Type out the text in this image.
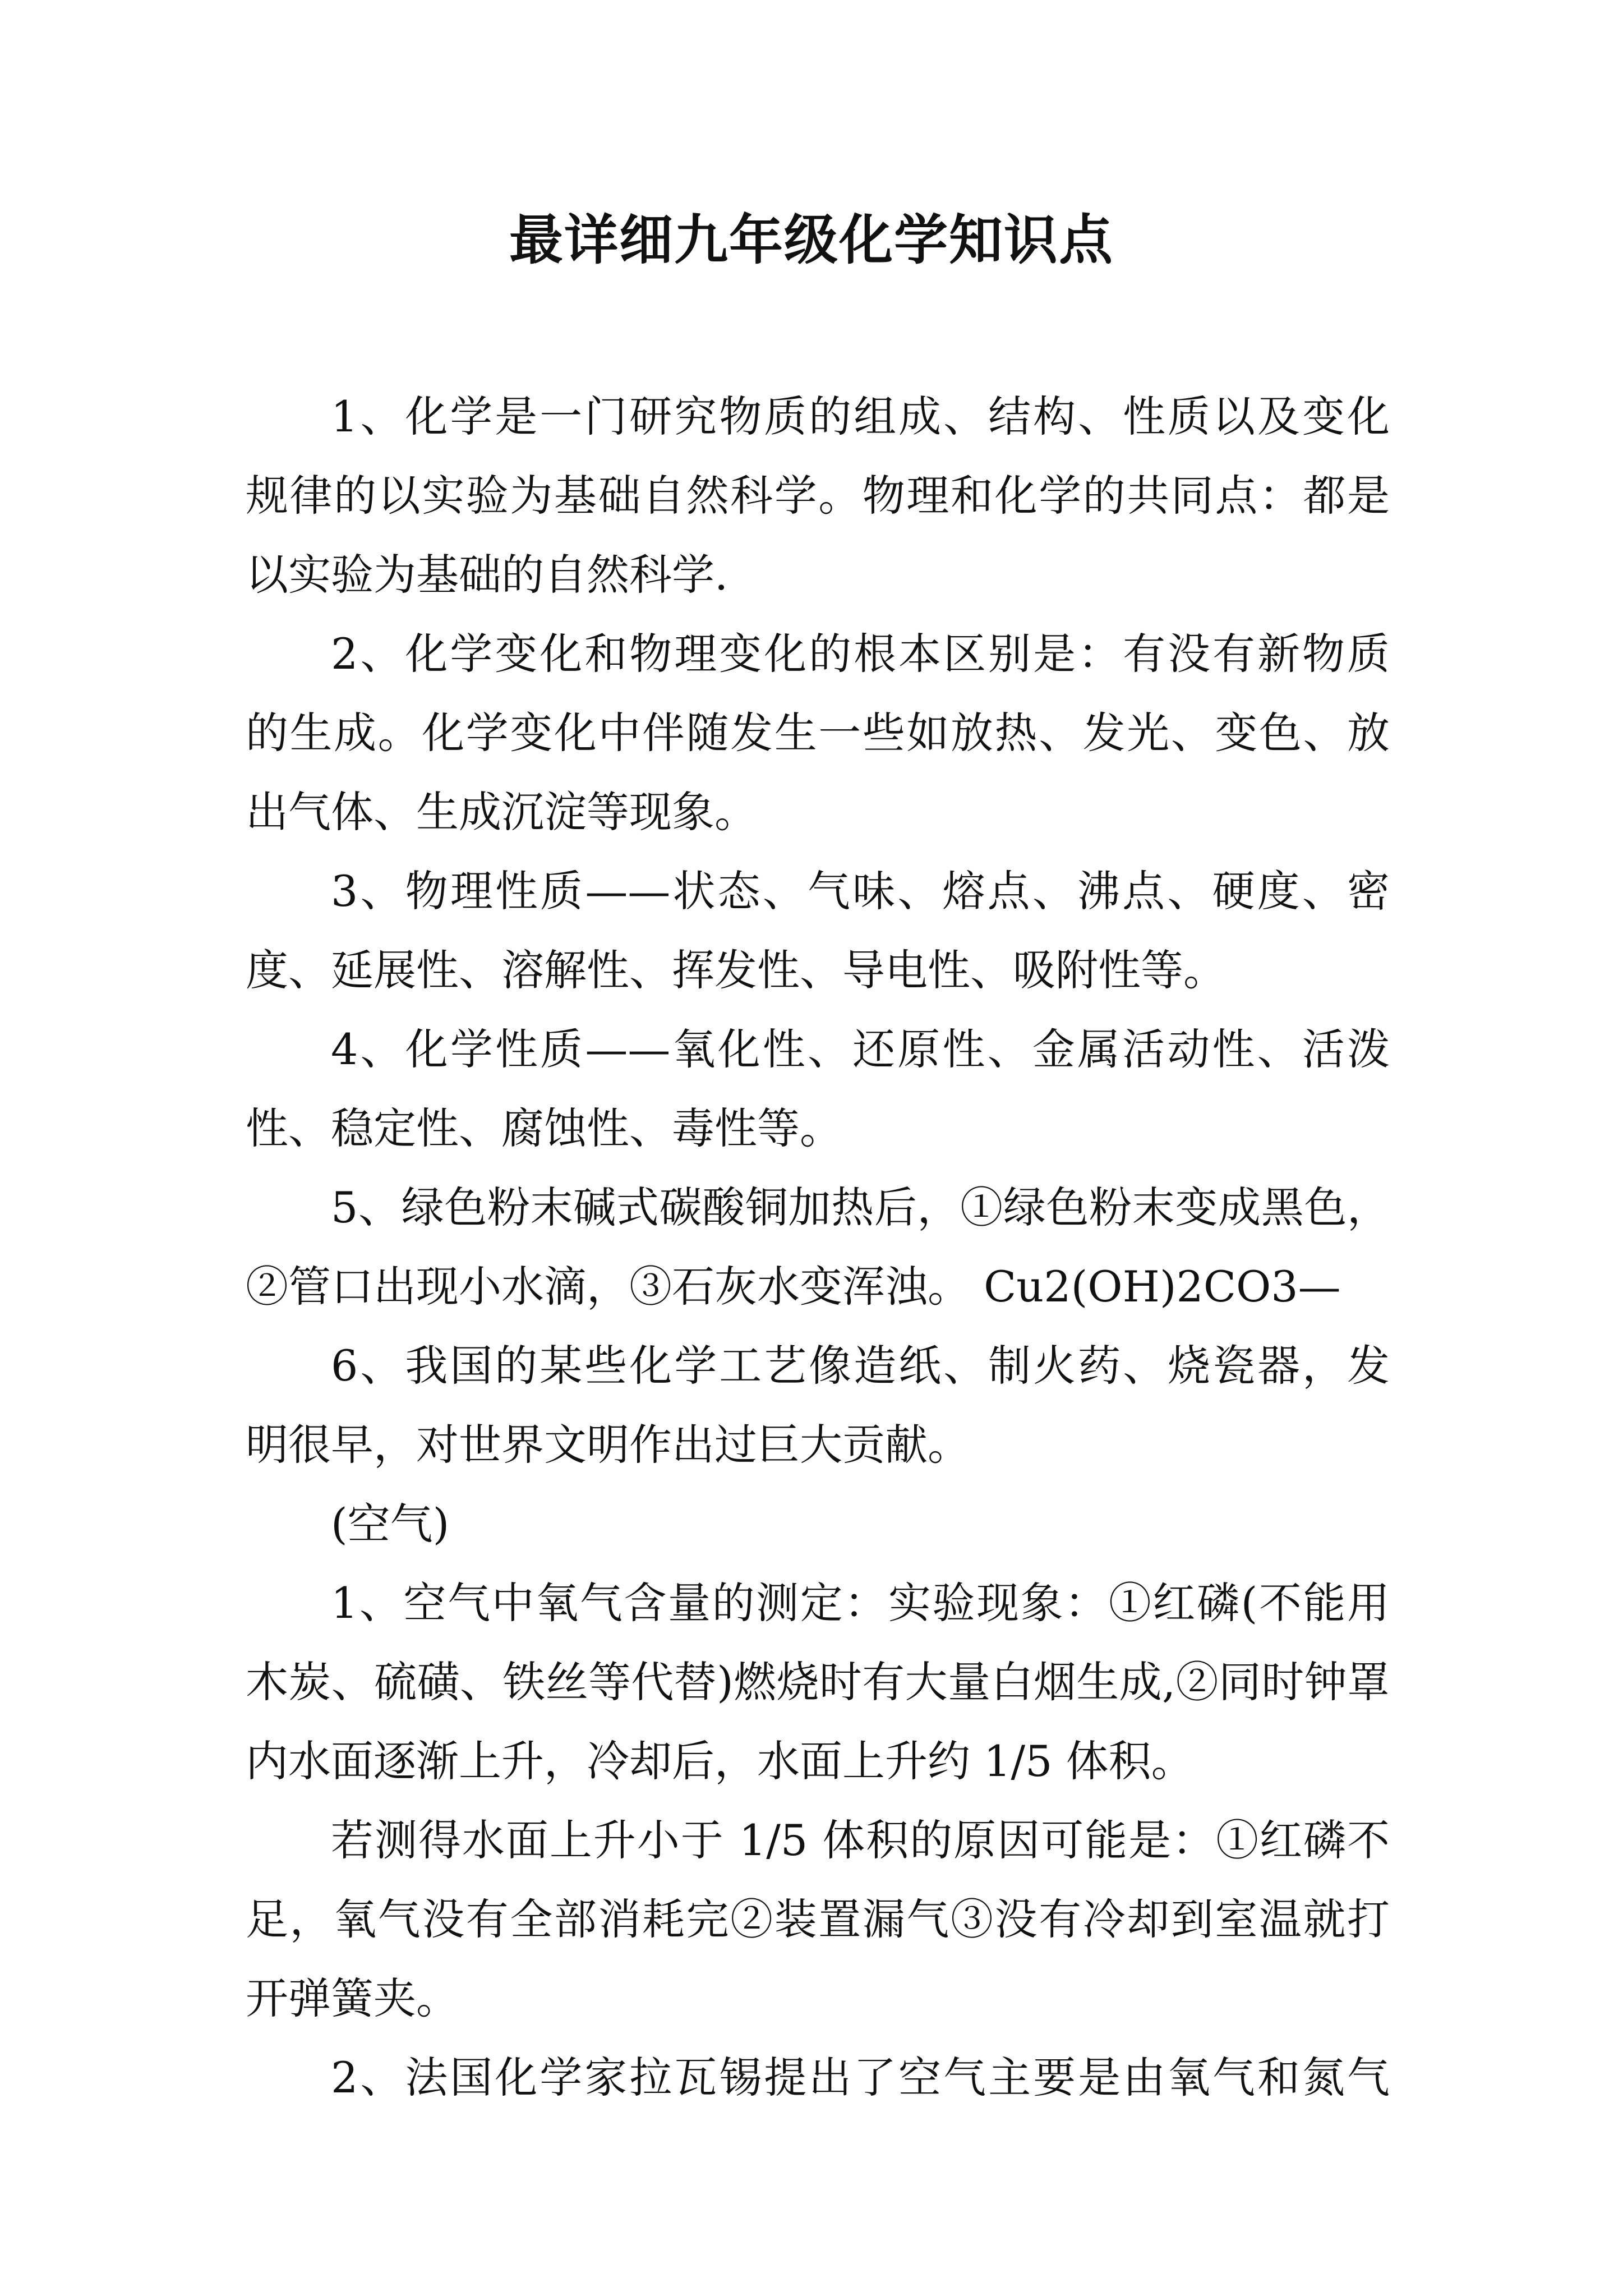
最详细九年级化学知识点

1、化学是一门研究物质的组成、结构、性质以及变化

规律的以实验为基础自然科学。物理和化学的共同点：都是

以实验为基础的自然科学.

2、化学变化和物理变化的根本区别是：有没有新物质

的生成。化学变化中伴随发生一些如放热、发光、变色、放

出气体、生成沉淀等现象。

3、物理性质——状态、气味、熔点、沸点、硬度、密

度、延展性、溶解性、挥发性、导电性、吸附性等。

4、化学性质——氧化性、还原性、金属活动性、活泼

性、稳定性、腐蚀性、毒性等。

5、绿色粉末碱式碳酸铜加热后，①绿色粉末变成黑色，

②管口出现小水滴，③石灰水变浑浊。 Cu2(OH)2CO3—

6、我国的某些化学工艺像造纸、制火药、烧瓷器，发

明很早，对世界文明作出过巨大贡献。

(空气)

1、空气中氧气含量的测定：实验现象：①红磷(不能用

木炭、硫磺、铁丝等代替)燃烧时有大量白烟生成,②同时钟罩

内水面逐渐上升，冷却后，水面上升约 1/5 体积。

若测得水面上升小于 1/5 体积的原因可能是：①红磷不

足，氧气没有全部消耗完②装置漏气③没有冷却到室温就打

开弹簧夹。

2、法国化学家拉瓦锡提出了空气主要是由氧气和氮气
